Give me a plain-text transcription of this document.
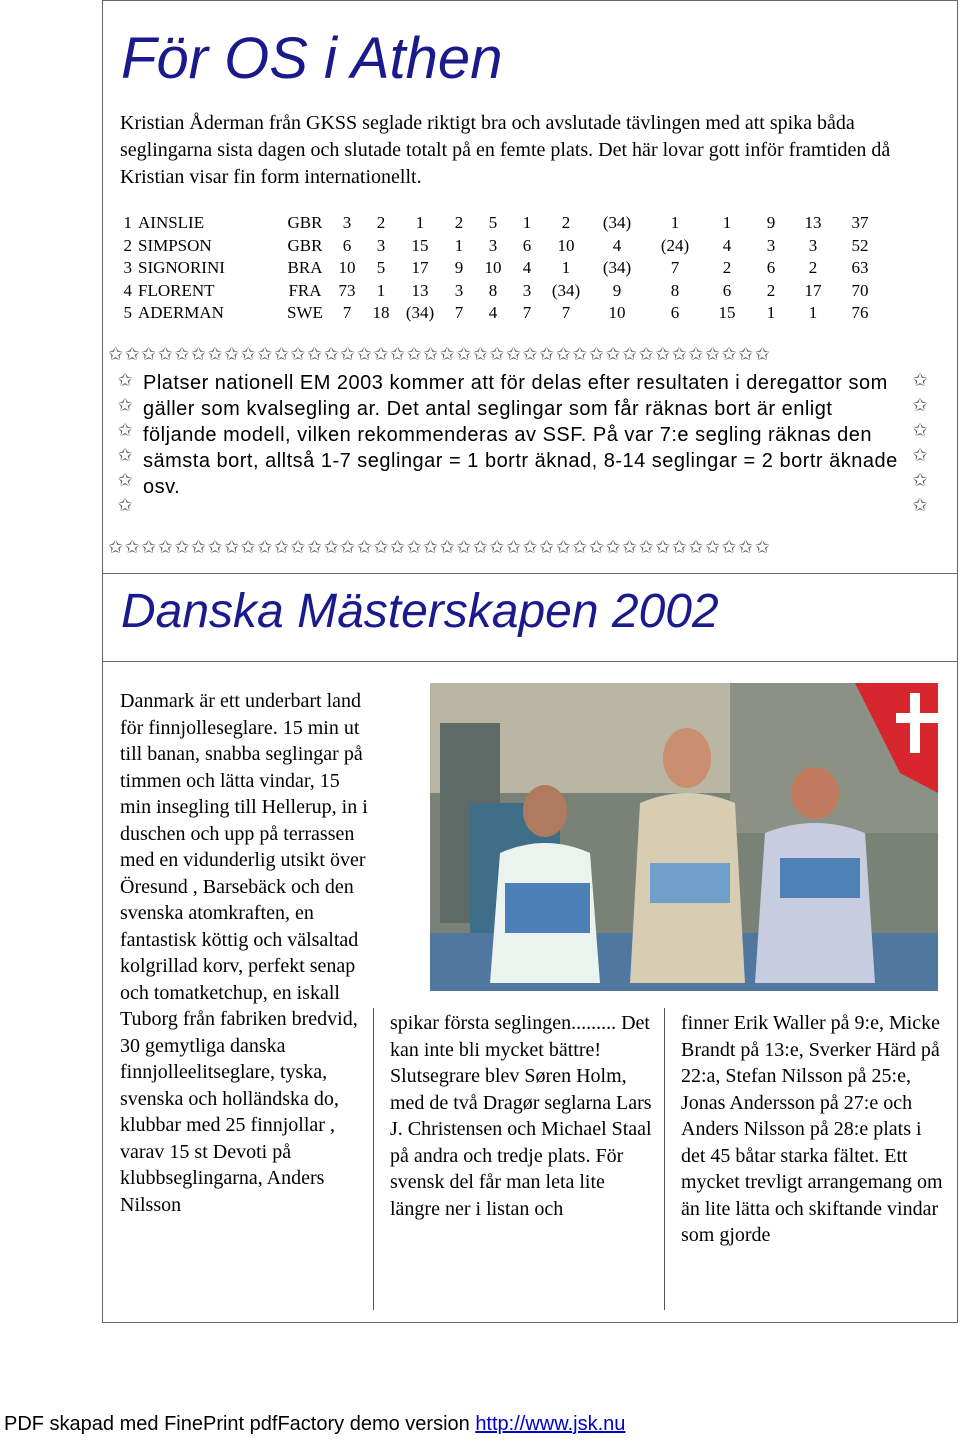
För OS i Athen

Kristian Åderman från GKSS seglade riktigt bra och avslutade tävlingen med att spika båda seglingarna sista dagen och slutade totalt på en femte plats. Det här lovar gott inför framtiden då Kristian visar fin form internationellt.

1	AINSLIE	GBR	3	2	1	2	5	1	2	(34)	1	1	9	13	37
2	SIMPSON	GBR	6	3	15	1	3	6	10	4	(24)	4	3	3	52
3	SIGNORINI	BRA	10	5	17	9	10	4	1	(34)	7	2	6	2	63
4	FLORENT	FRA	73	1	13	3	8	3	(34)	9	8	6	2	17	70
5	ADERMAN	SWE	7	18	(34)	7	4	7	7	10	6	15	1	1	76
✩✩✩✩✩✩✩✩✩✩✩✩✩✩✩✩✩✩✩✩✩✩✩✩✩✩✩✩✩✩✩✩✩✩✩✩✩✩✩✩
✩✩✩✩✩✩✩✩✩✩✩✩✩✩✩✩✩✩✩✩✩✩✩✩✩✩✩✩✩✩✩✩✩✩✩✩✩✩✩✩
✩
✩
✩
✩
✩
✩
✩
✩
✩
✩
✩
✩

Platser nationell EM 2003 kommer att för delas efter resultaten i deregattor som gäller som kvalsegling ar. Det antal seglingar som får räknas bort är enligt följande modell, vilken rekommenderas av SSF. På var 7:e segling räknas den sämsta bort, alltså 1-7 seglingar = 1 bortr äknad, 8-14 seglingar = 2 bortr äknade osv.

Danska Mästerskapen 2002

Danmark är ett underbart land för finnjolleseglare. 15 min ut till banan, snabba seglingar på timmen och lätta vindar, 15 min insegling till Hellerup, in i duschen och upp på terrassen med en vidunderlig utsikt över Öresund , Barsebäck och den svenska atomkraften, en fantastisk köttig och välsaltad kolgrillad korv, perfekt senap och tomatketchup, en iskall Tuborg från fabriken bredvid, 30 gemytliga danska finnjolleelitseglare, tyska, svenska och holländska do, klubbar med 25 finnjollar , varav 15 st Devoti på klubbseglingarna, Anders Nilsson

spikar första seglingen......... Det kan inte bli mycket bättre! Slutsegrare blev Søren Holm, med de två Dragør seglarna Lars J. Christensen och Michael Staal på andra och tredje plats. För svensk del får man leta lite längre ner i listan och

finner Erik Waller på 9:e, Micke Brandt på 13:e, Sverker Härd på 22:a, Stefan Nilsson på 25:e, Jonas Andersson på 27:e och Anders Nilsson på 28:e plats i det 45 båtar starka fältet. Ett mycket trevligt arrangemang om än lite lätta och skiftande vindar som gjorde

PDF skapad med FinePrint pdfFactory demo version http://www.jsk.nu
